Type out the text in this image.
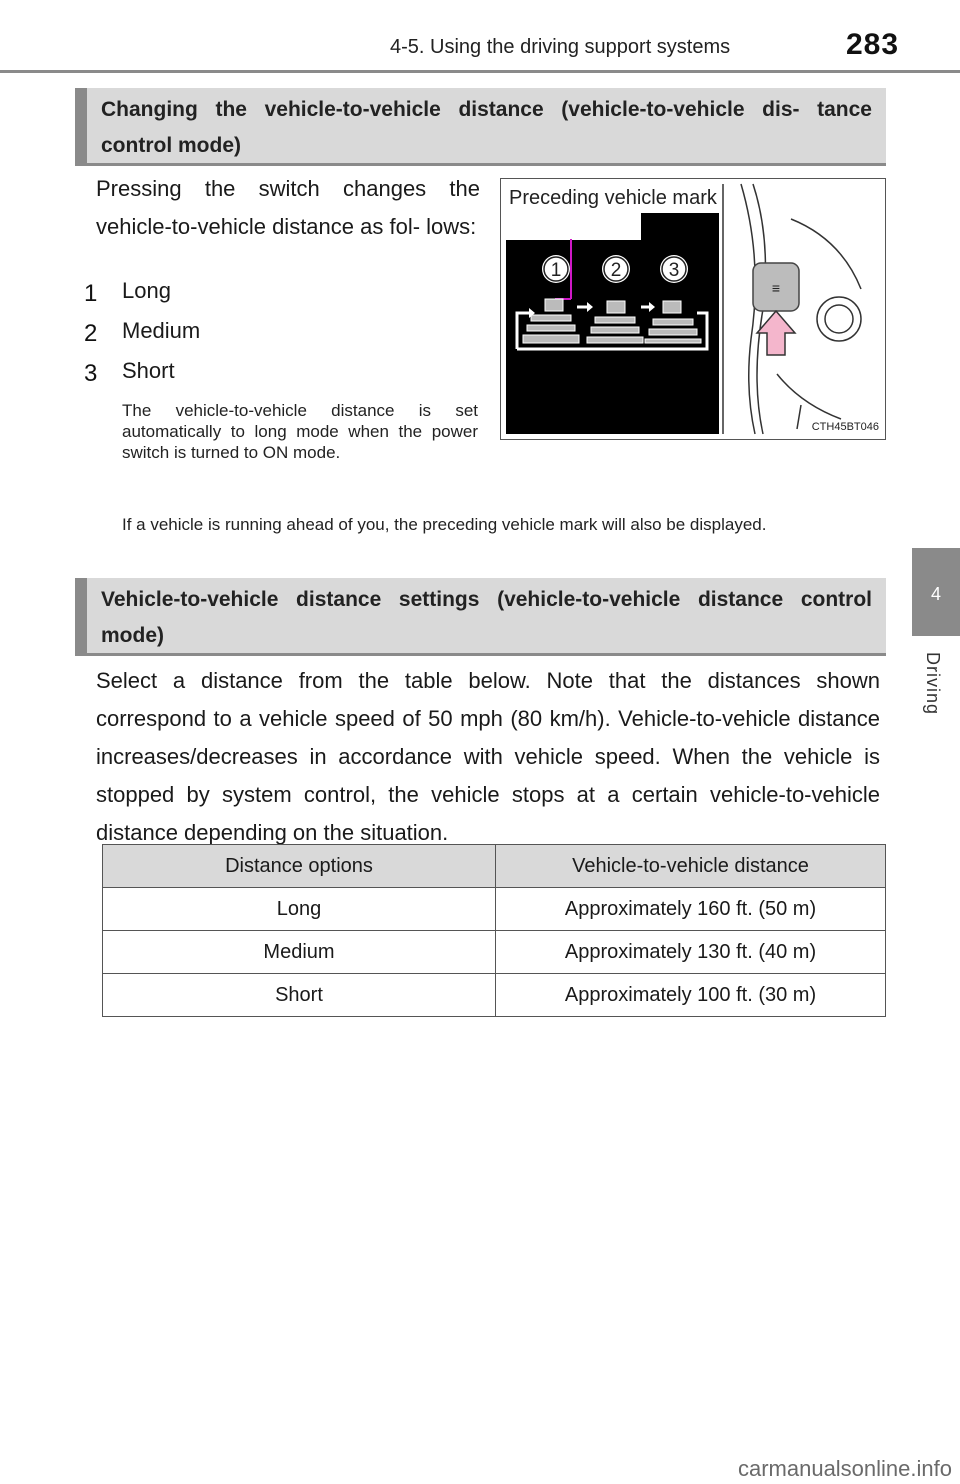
4-5. Using the driving support systems	283
4
Driving
Changing the vehicle-to-vehicle distance (vehicle-to-vehicle dis- tance control mode)
Pressing the switch changes the vehicle-to-vehicle distance as fol- lows:
1 Long
2 Medium
3 Short
The vehicle-to-vehicle distance is set automatically to long mode when the power switch is turned to ON mode.
If a vehicle is running ahead of you, the preceding vehicle mark will also be displayed.
1	2 3
≡
Preceding vehicle mark
CTH45BT046
Vehicle-to-vehicle distance settings (vehicle-to-vehicle distance control mode)
Select a distance from the table below. Note that the distances shown correspond to a vehicle speed of 50 mph (80 km/h). Vehicle-to-vehicle distance increases/decreases in accordance with vehicle speed. When the vehicle is stopped by system control, the vehicle stops at a certain vehicle-to-vehicle distance depending on the situation.
Distance options	Vehicle-to-vehicle distance
Long	Approximately 160 ft. (50 m)
Medium	Approximately 130 ft. (40 m)
Short	Approximately 100 ft. (30 m)
carmanualsonline.info
